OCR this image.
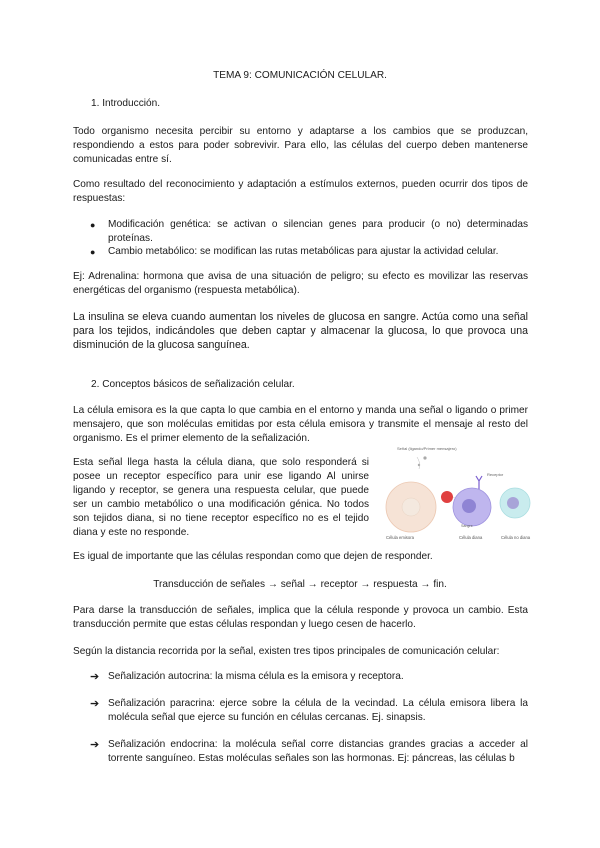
TEMA 9: COMUNICACIÓN CELULAR.
1. Introducción.
Todo organismo necesita percibir su entorno y adaptarse a los cambios que se produzcan, respondiendo a estos para poder sobrevivir. Para ello, las células del cuerpo deben mantenerse comunicadas entre sí.
Como resultado del reconocimiento y adaptación a estímulos externos, pueden ocurrir dos tipos de respuestas:
● Modificación genética: se activan o silencian genes para producir (o no) determinadas proteínas.
● Cambio metabólico: se modifican las rutas metabólicas para ajustar la actividad celular.
Ej: Adrenalina: hormona que avisa de una situación de peligro; su efecto es movilizar las reservas energéticas del organismo (respuesta metabólica).
La insulina se eleva cuando aumentan los niveles de glucosa en sangre. Actúa como una señal para los tejidos, indicándoles que deben captar y almacenar la glucosa, lo que provoca una disminución de la glucosa sanguínea.
2. Conceptos básicos de señalización celular.
La célula emisora es la que capta lo que cambia en el entorno y manda una señal o ligando o primer mensajero, que son moléculas emitidas por esta célula emisora y transmite el mensaje al resto del organismo. Es el primer elemento de la señalización.
Esta señal llega hasta la célula diana, que solo responderá si posee un receptor específico para unir ese ligando Al unirse ligando y receptor, se genera una respuesta celular, que puede ser un cambio metabólico o una modificación génica. No todos son tejidos diana, si no tiene receptor específico no es el tejido diana y este no responde.
Señal (ligando/Primer mensajero)
Célula emisora
Receptor
Sangre
Célula diana	Célula no diana
Es igual de importante que las células respondan como que dejen de responder.
Transducción de señales → señal → receptor → respuesta → fin.
Para darse la transducción de señales, implica que la célula responde y provoca un cambio. Esta transducción permite que estas células respondan y luego cesen de hacerlo.
Según la distancia recorrida por la señal, existen tres tipos principales de comunicación celular:
➔ Señalización autocrina: la misma célula es la emisora y receptora.
➔ Señalización paracrina: ejerce sobre la célula de la vecindad. La célula emisora libera la molécula señal que ejerce su función en células cercanas. Ej. sinapsis.
➔ Señalización endocrina: la molécula señal corre distancias grandes gracias a acceder al torrente sanguíneo. Estas moléculas señales son las hormonas. Ej: páncreas, las células b
